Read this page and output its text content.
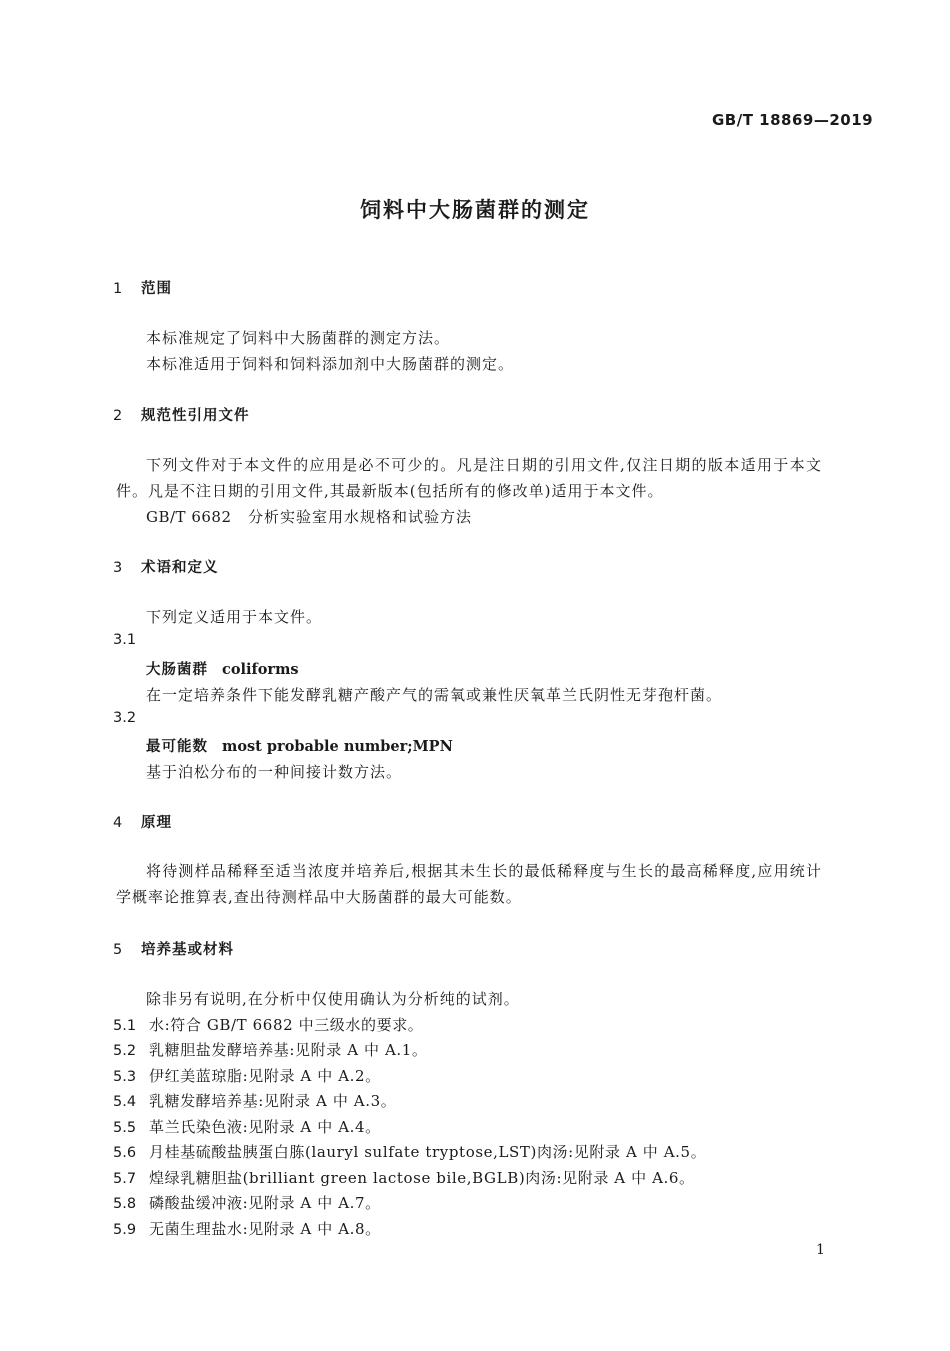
GB/T 18869—2019
饲料中大肠菌群的测定
1 范围
本标准规定了饲料中大肠菌群的测定方法。
本标准适用于饲料和饲料添加剂中大肠菌群的测定。
2 规范性引用文件
下列文件对于本文件的应用是必不可少的。凡是注日期的引用文件,仅注日期的版本适用于本文件。凡是不注日期的引用文件,其最新版本(包括所有的修改单)适用于本文件。
GB/T 6682 分析实验室用水规格和试验方法
3 术语和定义
下列定义适用于本文件。
3.1
大肠菌群 coliforms
在一定培养条件下能发酵乳糖产酸产气的需氧或兼性厌氧革兰氏阴性无芽孢杆菌。
3.2
最可能数 most probable number;MPN
基于泊松分布的一种间接计数方法。
4 原理
将待测样品稀释至适当浓度并培养后,根据其未生长的最低稀释度与生长的最高稀释度,应用统计学概率论推算表,查出待测样品中大肠菌群的最大可能数。
5 培养基或材料
除非另有说明,在分析中仅使用确认为分析纯的试剂。
5.1 水:符合 GB/T 6682 中三级水的要求。
5.2 乳糖胆盐发酵培养基:见附录 A 中 A.1。
5.3 伊红美蓝琼脂:见附录 A 中 A.2。
5.4 乳糖发酵培养基:见附录 A 中 A.3。
5.5 革兰氏染色液:见附录 A 中 A.4。
5.6 月桂基硫酸盐胰蛋白胨(lauryl sulfate tryptose,LST)肉汤:见附录 A 中 A.5。
5.7 煌绿乳糖胆盐(brilliant green lactose bile,BGLB)肉汤:见附录 A 中 A.6。
5.8 磷酸盐缓冲液:见附录 A 中 A.7。
5.9 无菌生理盐水:见附录 A 中 A.8。
1
